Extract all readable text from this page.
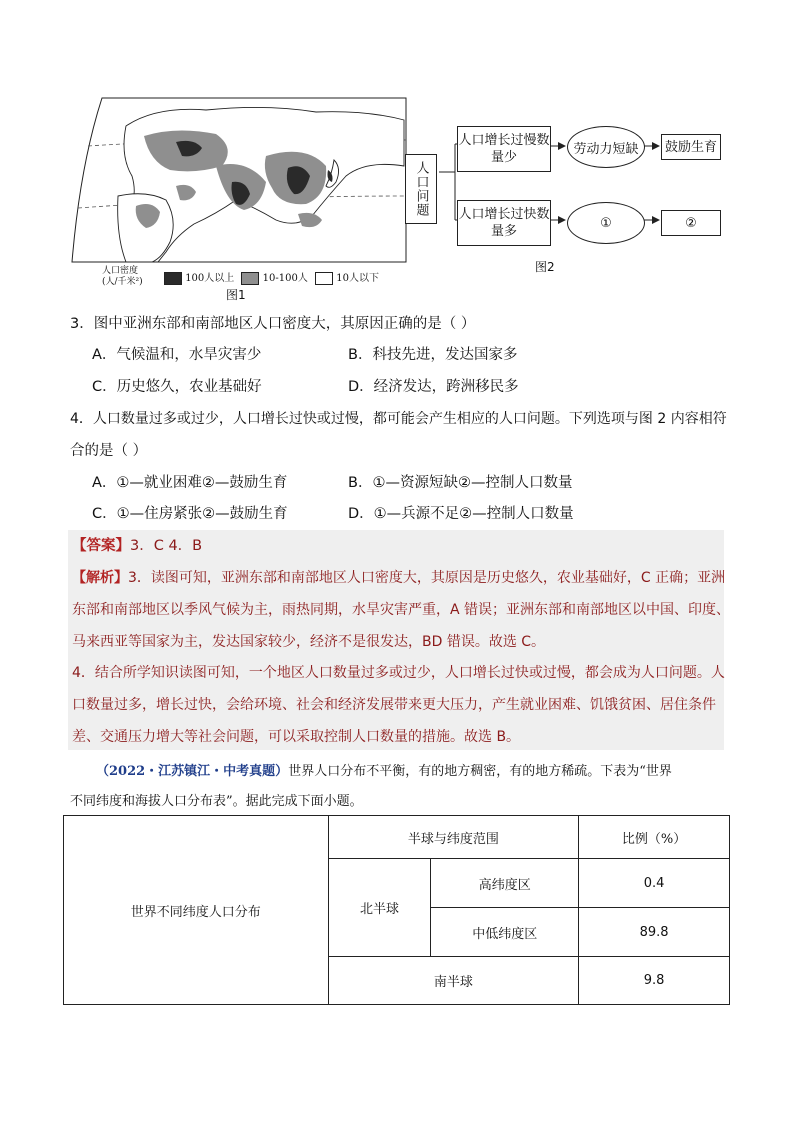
人口密度
(人/千米²)	100人以上	10-100人	10人以下
图1
人口问题
人口增长过慢数量少
人口增长过快数量多
劳动力短缺
①
鼓励生育
②
图2
3．图中亚洲东部和南部地区人口密度大，其原因正确的是（ ）
A．气候温和，水旱灾害少	B．科技先进，发达国家多
C．历史悠久，农业基础好	D．经济发达，跨洲移民多
4．人口数量过多或过少，人口增长过快或过慢，都可能会产生相应的人口问题。下列选项与图 2 内容相符
合的是（ ）
A．①—就业困难②—鼓励生育	B．①—资源短缺②—控制人口数量
C．①—住房紧张②—鼓励生育	D．①—兵源不足②—控制人口数量
【答案】3．C 4．B
【解析】3．读图可知，亚洲东部和南部地区人口密度大，其原因是历史悠久，农业基础好，C 正确；亚洲
东部和南部地区以季风气候为主，雨热同期，水旱灾害严重，A 错误；亚洲东部和南部地区以中国、印度、
马来西亚等国家为主，发达国家较少，经济不是很发达，BD 错误。故选 C。
4．结合所学知识读图可知，一个地区人口数量过多或过少，人口增长过快或过慢，都会成为人口问题。人
口数量过多，增长过快，会给环境、社会和经济发展带来更大压力，产生就业困难、饥饿贫困、居住条件
差、交通压力增大等社会问题，可以采取控制人口数量的措施。故选 B。
（2022・江苏镇江・中考真题）世界人口分布不平衡，有的地方稠密，有的地方稀疏。下表为“世界
不同纬度和海拔人口分布表”。据此完成下面小题。
世界不同纬度人口分布	半球与纬度范围		比例（%）
	北半球	高纬度区	0.4
		中低纬度区	89.8
	南半球		9.8
